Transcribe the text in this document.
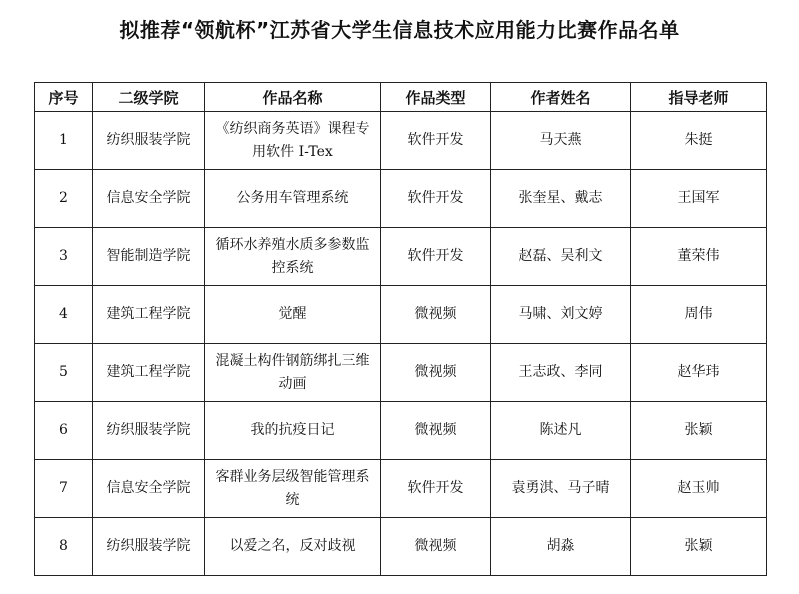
拟推荐“领航杯”江苏省大学生信息技术应用能力比赛作品名单
序号	二级学院	作品名称	作品类型	作者姓名	指导老师
1	纺织服装学院	《纺织商务英语》课程专用软件 I-Tex	软件开发	马天燕	朱挺
2	信息安全学院	公务用车管理系统	软件开发	张奎星、戴志	王国军
3	智能制造学院	循环水养殖水质多参数监控系统	软件开发	赵磊、吴利文	董荣伟
4	建筑工程学院	觉醒	微视频	马啸、刘文婷	周伟
5	建筑工程学院	混凝土构件钢筋绑扎三维动画	微视频	王志政、李同	赵华玮
6	纺织服装学院	我的抗疫日记	微视频	陈述凡	张颖
7	信息安全学院	客群业务层级智能管理系统	软件开发	袁勇淇、马子晴	赵玉帅
8	纺织服装学院	以爱之名，反对歧视	微视频	胡淼	张颖
